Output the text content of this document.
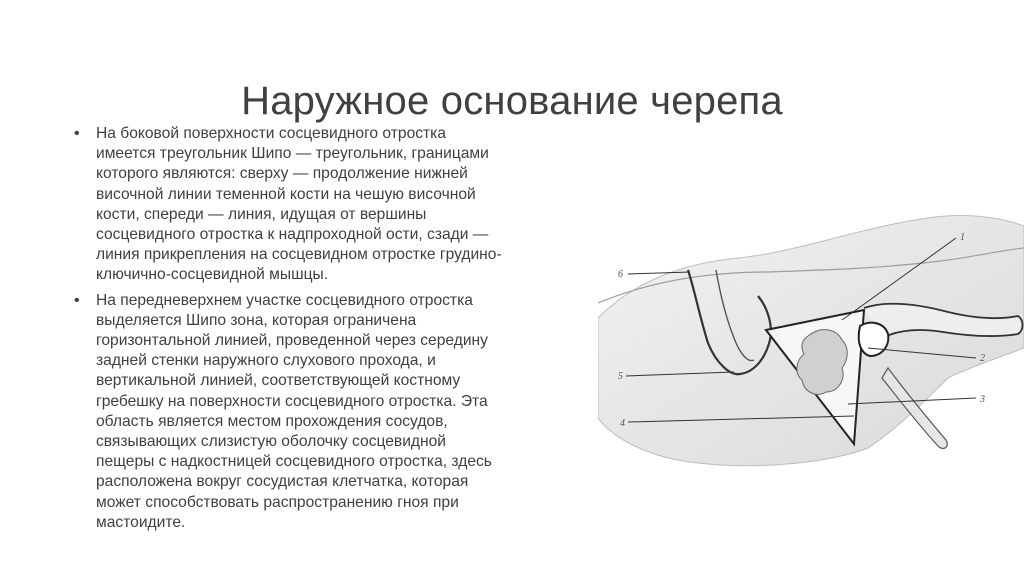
Наружное основание черепа
• На боковой поверхности сосцевидного отростка
имеется треугольник Шипо — треугольник, границами
которого являются: сверху — продолжение нижней
височной линии теменной кости на чешую височной
кости, спереди — линия, идущая от вершины
сосцевидного отростка к надпроходной ости, сзади —
линия прикрепления на сосцевидном отростке грудино-
ключично-сосцевидной мышцы.
• На передневерхнем участке сосцевидного отростка
выделяется Шипо зона, которая ограничена
горизонтальной линией, проведенной через середину
задней стенки наружного слухового прохода, и
вертикальной линией, соответствующей костному
гребешку на поверхности сосцевидного отростка. Эта
область является местом прохождения сосудов,
связывающих слизистую оболочку сосцевидной
пещеры с надкостницей сосцевидного отростка, здесь
расположена вокруг сосудистая клетчатка, которая
может способствовать распространению гноя при
мастоидите.
1
2
3
4
5
6
